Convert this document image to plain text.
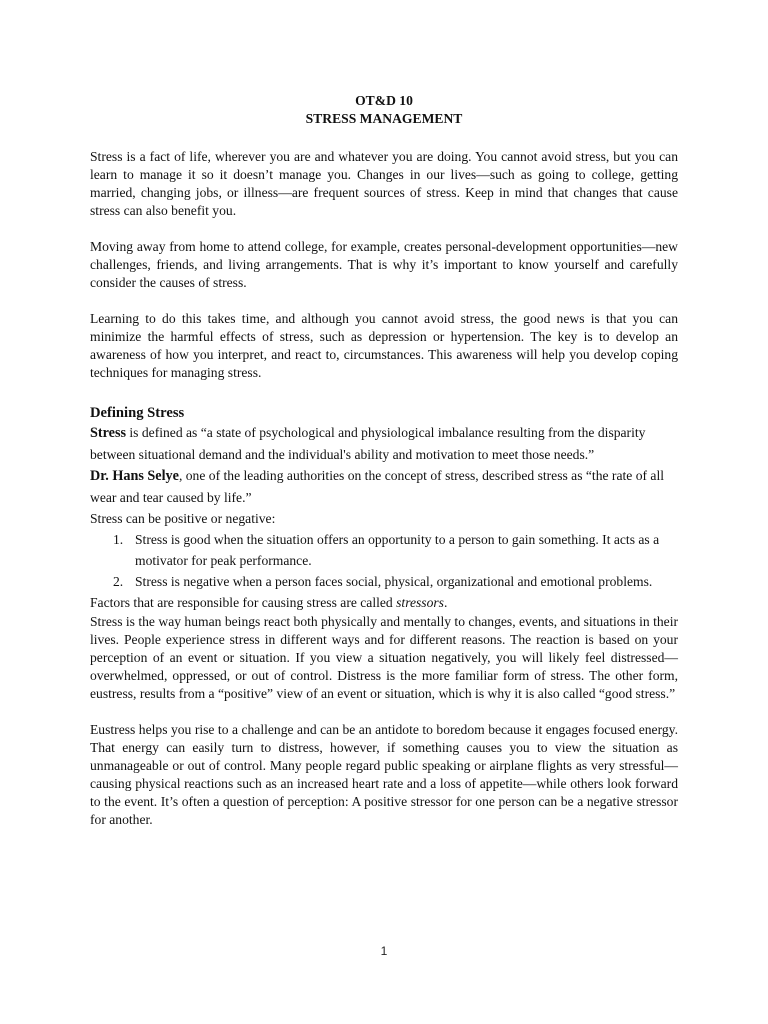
OT&D 10
STRESS MANAGEMENT

Stress is a fact of life, wherever you are and whatever you are doing. You cannot avoid stress, but you can learn to manage it so it doesn’t manage you. Changes in our lives—such as going to college, getting married, changing jobs, or illness—are frequent sources of stress. Keep in mind that changes that cause stress can also benefit you.

Moving away from home to attend college, for example, creates personal-development opportunities—new challenges, friends, and living arrangements. That is why it’s important to know yourself and carefully consider the causes of stress.

Learning to do this takes time, and although you cannot avoid stress, the good news is that you can minimize the harmful effects of stress, such as depression or hypertension. The key is to develop an awareness of how you interpret, and react to, circumstances. This awareness will help you develop coping techniques for managing stress.

Defining Stress

Stress is defined as “a state of psychological and physiological imbalance resulting from the disparity between situational demand and the individual's ability and motivation to meet those needs.”

Dr. Hans Selye, one of the leading authorities on the concept of stress, described stress as “the rate of all wear and tear caused by life.”

Stress can be positive or negative:

1. Stress is good when the situation offers an opportunity to a person to gain something. It acts as a motivator for peak performance.
2. Stress is negative when a person faces social, physical, organizational and emotional problems.

Factors that are responsible for causing stress are called stressors.

Stress is the way human beings react both physically and mentally to changes, events, and situations in their lives. People experience stress in different ways and for different reasons. The reaction is based on your perception of an event or situation. If you view a situation negatively, you will likely feel distressed—overwhelmed, oppressed, or out of control. Distress is the more familiar form of stress. The other form, eustress, results from a “positive” view of an event or situation, which is why it is also called “good stress.”

Eustress helps you rise to a challenge and can be an antidote to boredom because it engages focused energy. That energy can easily turn to distress, however, if something causes you to view the situation as unmanageable or out of control. Many people regard public speaking or airplane flights as very stressful—causing physical reactions such as an increased heart rate and a loss of appetite—while others look forward to the event. It’s often a question of perception: A positive stressor for one person can be a negative stressor for another.

1
